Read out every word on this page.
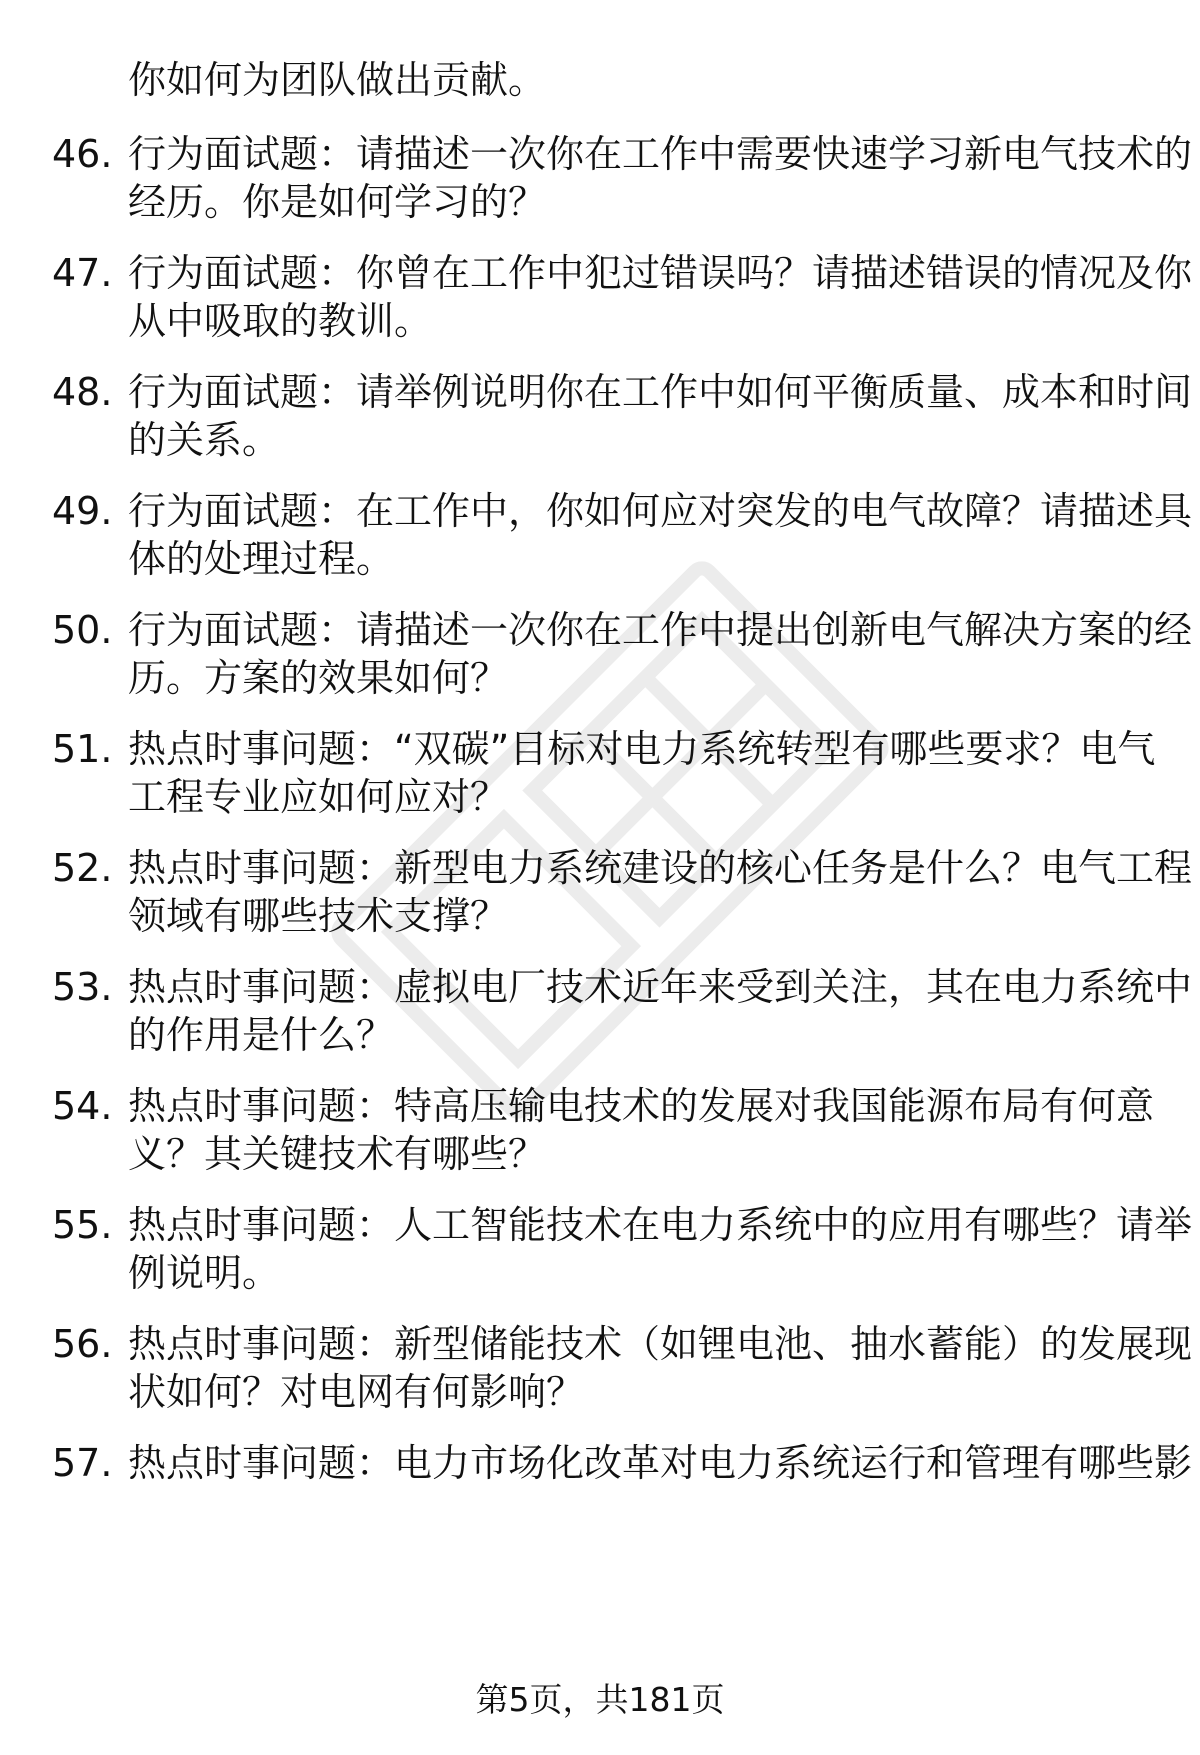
你如何为团队做出贡献。
46. 行为面试题：请描述一次你在工作中需要快速学习新电气技术的
经历。你是如何学习的？
47. 行为面试题：你曾在工作中犯过错误吗？请描述错误的情况及你
从中吸取的教训。
48. 行为面试题：请举例说明你在工作中如何平衡质量、成本和时间
的关系。
49. 行为面试题：在工作中，你如何应对突发的电气故障？请描述具
体的处理过程。
50. 行为面试题：请描述一次你在工作中提出创新电气解决方案的经
历。方案的效果如何？
51. 热点时事问题：“双碳”目标对电力系统转型有哪些要求？电气
工程专业应如何应对？
52. 热点时事问题：新型电力系统建设的核心任务是什么？电气工程
领域有哪些技术支撑？
53. 热点时事问题：虚拟电厂技术近年来受到关注，其在电力系统中
的作用是什么？
54. 热点时事问题：特高压输电技术的发展对我国能源布局有何意
义？其关键技术有哪些？
55. 热点时事问题：人工智能技术在电力系统中的应用有哪些？请举
例说明。
56. 热点时事问题：新型储能技术（如锂电池、抽水蓄能）的发展现
状如何？对电网有何影响？
57. 热点时事问题：电力市场化改革对电力系统运行和管理有哪些影
第5页，共181页
